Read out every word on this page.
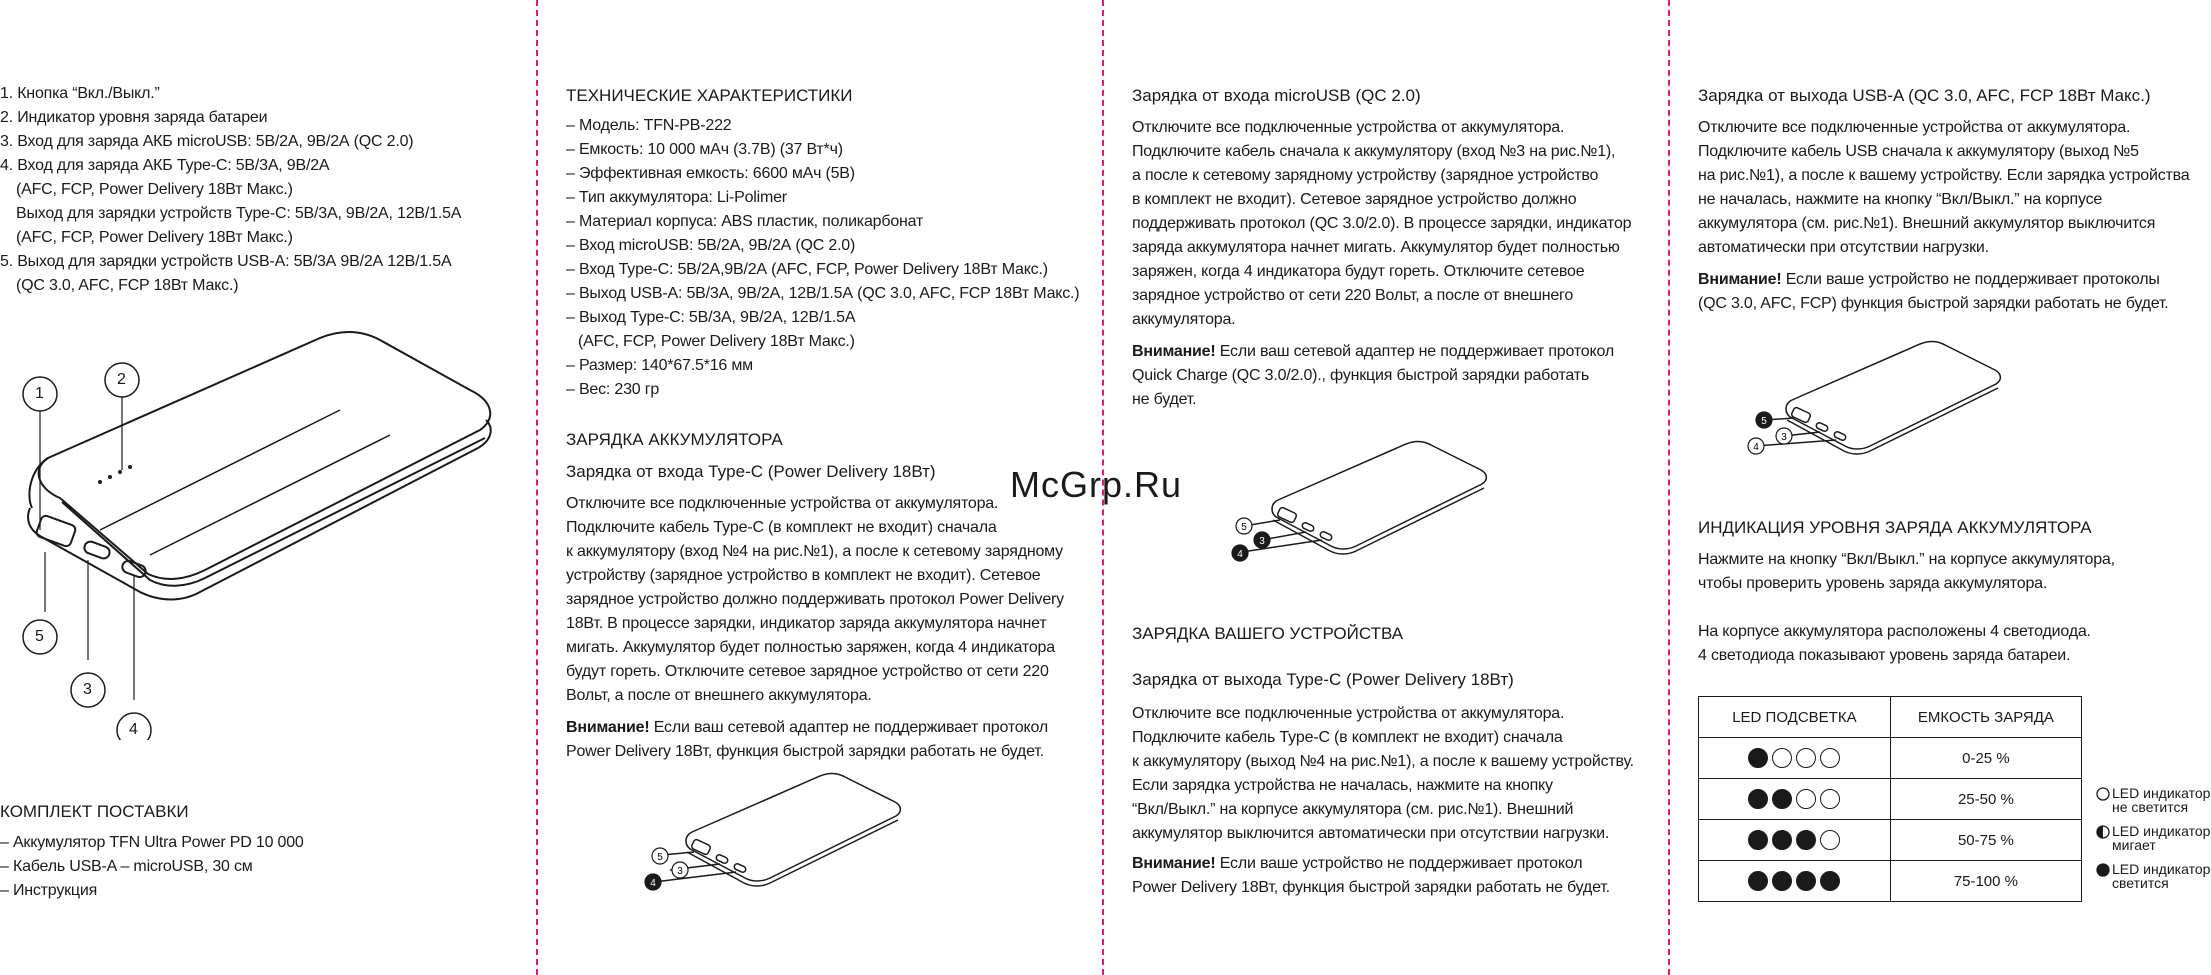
1. Кнопка “Вкл./Выкл.”
2. Индикатор уровня заряда батареи
3. Вход для заряда АКБ microUSB: 5В/2А, 9В/2А (QC 2.0)
4. Вход для заряда АКБ Type-C: 5В/3А, 9В/2А
(AFC, FCP, Power Delivery 18Вт Макс.)
Выход для зарядки устройств Type-C: 5В/3А, 9В/2А, 12В/1.5А
(AFC, FCP, Power Delivery 18Вт Макс.)
5. Выход для зарядки устройств USB-A: 5В/3А 9В/2А 12В/1.5А
(QC 3.0, AFC, FCP 18Вт Макс.)
1
2
5
3
4
КОМПЛЕКТ ПОСТАВКИ
– Аккумулятор TFN Ultra Power PD 10 000
– Кабель USB-A – microUSB, 30 см
– Инструкция
ТЕХНИЧЕСКИЕ ХАРАКТЕРИСТИКИ
– Модель: TFN-PB-222
– Емкость: 10 000 мАч (3.7В) (37 Вт*ч)
– Эффективная емкость: 6600 мАч (5В)
– Тип аккумулятора: Li-Polimer
– Материал корпуса: ABS пластик, поликарбонат
– Вход microUSB: 5В/2А, 9В/2А (QC 2.0)
– Вход Type-C: 5В/2А,9В/2А (AFC, FCP, Power Delivery 18Вт Макс.)
– Выход USB-A: 5В/3А, 9В/2А, 12В/1.5А (QC 3.0, AFC, FCP 18Вт Макс.)
– Выход Type-C: 5В/3А, 9В/2А, 12В/1.5А
(AFC, FCP, Power Delivery 18Вт Макс.)
– Размер: 140*67.5*16 мм
– Вес: 230 гр
ЗАРЯДКА АККУМУЛЯТОРА
Зарядка от входа Type-C (Power Delivery 18Вт)
Отключите все подключенные устройства от аккумулятора.
Подключите кабель Type-C (в комплект не входит) сначала
к аккумулятору (вход №4 на рис.№1), а после к сетевому зарядному
устройству (зарядное устройство в комплект не входит). Сетевое
зарядное устройство должно поддерживать протокол Power Delivery
18Вт. В процессе зарядки, индикатор заряда аккумулятора начнет
мигать. Аккумулятор будет полностью заряжен, когда 4 индикатора
будут гореть. Отключите сетевое зарядное устройство от сети 220
Вольт, а после от внешнего аккумулятора.
Внимание! Если ваш сетевой адаптер не поддерживает протокол
Power Delivery 18Вт, функция быстрой зарядки работать не будет.
5
3
4
Зарядка от входа microUSB (QC 2.0)
Отключите все подключенные устройства от аккумулятора.
Подключите кабель сначала к аккумулятору (вход №3 на рис.№1),
а после к сетевому зарядному устройству (зарядное устройство
в комплект не входит). Сетевое зарядное устройство должно
поддерживать протокол (QC 3.0/2.0). В процессе зарядки, индикатор
заряда аккумулятора начнет мигать. Аккумулятор будет полностью
заряжен, когда 4 индикатора будут гореть. Отключите сетевое
зарядное устройство от сети 220 Вольт, а после от внешнего
аккумулятора.
Внимание! Если ваш сетевой адаптер не поддерживает протокол
Quick Charge (QC 3.0/2.0)., функция быстрой зарядки работать
не будет.
5
3
4
ЗАРЯДКА ВАШЕГО УСТРОЙСТВА
Зарядка от выхода Type-C (Power Delivery 18Вт)
Отключите все подключенные устройства от аккумулятора.
Подключите кабель Type-C (в комплект не входит) сначала
к аккумулятору (выход №4 на рис.№1), а после к вашему устройству.
Если зарядка устройства не началась, нажмите на кнопку
“Вкл/Выкл.” на корпусе аккумулятора (см. рис.№1). Внешний
аккумулятор выключится автоматически при отсутствии нагрузки.
Внимание! Если ваше устройство не поддерживает протокол
Power Delivery 18Вт, функция быстрой зарядки работать не будет.
Зарядка от выхода USB-A (QC 3.0, AFC, FCP 18Вт Макс.)
Отключите все подключенные устройства от аккумулятора.
Подключите кабель USB сначала к аккумулятору (выход №5
на рис.№1), а после к вашему устройству. Если зарядка устройства
не началась, нажмите на кнопку “Вкл/Выкл.” на корпусе
аккумулятора (см. рис.№1). Внешний аккумулятор выключится
автоматически при отсутствии нагрузки.
Внимание! Если ваше устройство не поддерживает протоколы
(QC 3.0, AFC, FCP) функция быстрой зарядки работать не будет.
5
3
4
ИНДИКАЦИЯ УРОВНЯ ЗАРЯДА АККУМУЛЯТОРА
Нажмите на кнопку “Вкл/Выкл.” на корпусе аккумулятора,
чтобы проверить уровень заряда аккумулятора.
На корпусе аккумулятора расположены 4 светодиода.
4 светодиода показывают уровень заряда батареи.
LED ПОДСВЕТКА	ЕМКОСТЬ ЗАРЯДА
	0-25 %
	25-50 %
	50-75 %
	75-100 %
LED индикатор
не светится
LED индикатор
мигает
LED индикатор
светится
McGrp.Ru
